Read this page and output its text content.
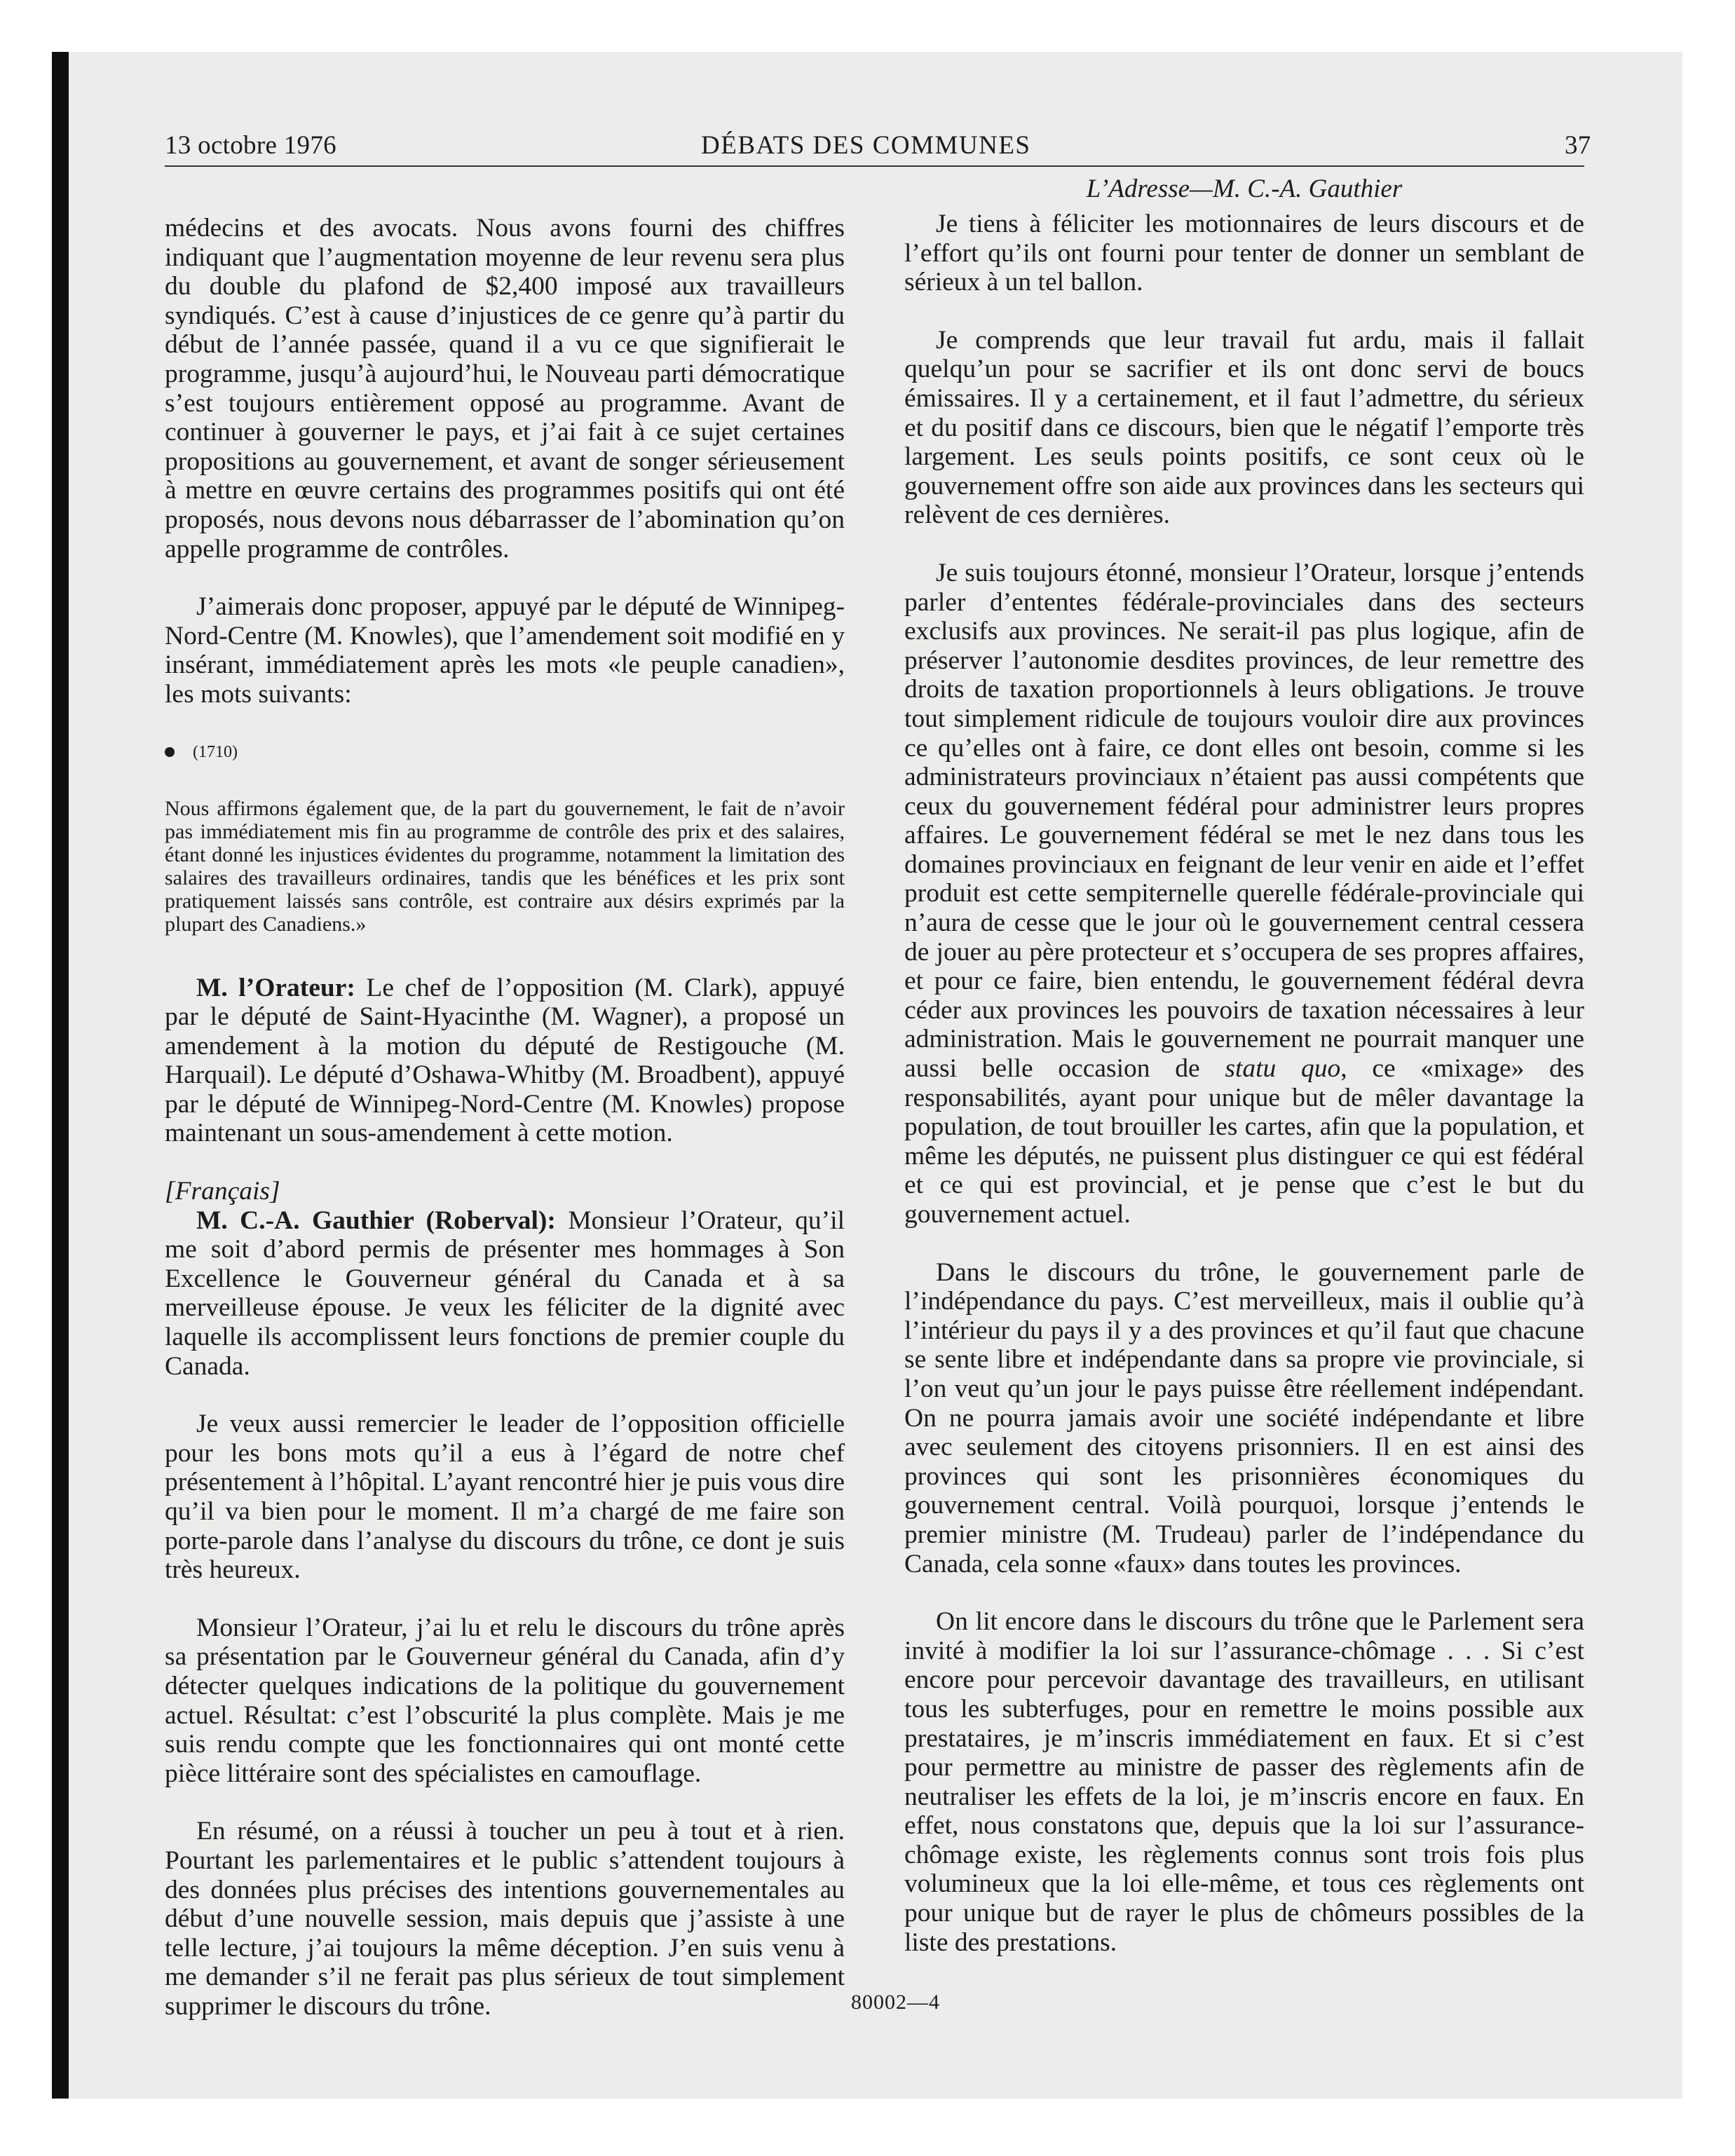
13 octobre 1976	DÉBATS DES COMMUNES	37

médecins et des avocats. Nous avons fourni des chiffres indiquant que l’augmentation moyenne de leur revenu sera plus du double du plafond de $2,400 imposé aux travailleurs syndiqués. C’est à cause d’injustices de ce genre qu’à partir du début de l’année passée, quand il a vu ce que signifierait le programme, jusqu’à aujourd’hui, le Nouveau parti démocratique s’est toujours entièrement opposé au programme. Avant de continuer à gouverner le pays, et j’ai fait à ce sujet certaines propositions au gouvernement, et avant de songer sérieusement à mettre en œuvre certains des programmes positifs qui ont été proposés, nous devons nous débarrasser de l’abomination qu’on appelle programme de contrôles.

J’aimerais donc proposer, appuyé par le député de Winnipeg-Nord-Centre (M. Knowles), que l’amendement soit modifié en y insérant, immédiatement après les mots «le peuple canadien», les mots suivants:

(1710)

Nous affirmons également que, de la part du gouvernement, le fait de n’avoir pas immédiatement mis fin au programme de contrôle des prix et des salaires, étant donné les injustices évidentes du programme, notamment la limitation des salaires des travailleurs ordinaires, tandis que les bénéfices et les prix sont pratiquement laissés sans contrôle, est contraire aux désirs exprimés par la plupart des Canadiens.»

M. l’Orateur: Le chef de l’opposition (M. Clark), appuyé par le député de Saint-Hyacinthe (M. Wagner), a proposé un amendement à la motion du député de Restigouche (M. Harquail). Le député d’Oshawa-Whitby (M. Broadbent), appuyé par le député de Winnipeg-Nord-Centre (M. Knowles) propose maintenant un sous-amendement à cette motion.

[Français]

M. C.-A. Gauthier (Roberval): Monsieur l’Orateur, qu’il me soit d’abord permis de présenter mes hommages à Son Excellence le Gouverneur général du Canada et à sa merveilleuse épouse. Je veux les féliciter de la dignité avec laquelle ils accomplissent leurs fonctions de premier couple du Canada.

Je veux aussi remercier le leader de l’opposition officielle pour les bons mots qu’il a eus à l’égard de notre chef présentement à l’hôpital. L’ayant rencontré hier je puis vous dire qu’il va bien pour le moment. Il m’a chargé de me faire son porte-parole dans l’analyse du discours du trône, ce dont je suis très heureux.

Monsieur l’Orateur, j’ai lu et relu le discours du trône après sa présentation par le Gouverneur général du Canada, afin d’y détecter quelques indications de la politique du gouvernement actuel. Résultat: c’est l’obscurité la plus complète. Mais je me suis rendu compte que les fonctionnaires qui ont monté cette pièce littéraire sont des spécialistes en camouflage.

En résumé, on a réussi à toucher un peu à tout et à rien. Pourtant les parlementaires et le public s’attendent toujours à des données plus précises des intentions gouvernementales au début d’une nouvelle session, mais depuis que j’assiste à une telle lecture, j’ai toujours la même déception. J’en suis venu à me demander s’il ne ferait pas plus sérieux de tout simplement supprimer le discours du trône.

L’Adresse—M. C.-A. Gauthier

Je tiens à féliciter les motionnaires de leurs discours et de l’effort qu’ils ont fourni pour tenter de donner un semblant de sérieux à un tel ballon.

Je comprends que leur travail fut ardu, mais il fallait quelqu’un pour se sacrifier et ils ont donc servi de boucs émissaires. Il y a certainement, et il faut l’admettre, du sérieux et du positif dans ce discours, bien que le négatif l’emporte très largement. Les seuls points positifs, ce sont ceux où le gouvernement offre son aide aux provinces dans les secteurs qui relèvent de ces dernières.

Je suis toujours étonné, monsieur l’Orateur, lorsque j’entends parler d’ententes fédérale-provinciales dans des secteurs exclusifs aux provinces. Ne serait-il pas plus logique, afin de préserver l’autonomie desdites provinces, de leur remettre des droits de taxation proportionnels à leurs obligations. Je trouve tout simplement ridicule de toujours vouloir dire aux provinces ce qu’elles ont à faire, ce dont elles ont besoin, comme si les administrateurs provinciaux n’étaient pas aussi compétents que ceux du gouvernement fédéral pour administrer leurs propres affaires. Le gouvernement fédéral se met le nez dans tous les domaines provinciaux en feignant de leur venir en aide et l’effet produit est cette sempiternelle querelle fédérale-provinciale qui n’aura de cesse que le jour où le gouvernement central cessera de jouer au père protecteur et s’occupera de ses propres affaires, et pour ce faire, bien entendu, le gouvernement fédéral devra céder aux provinces les pouvoirs de taxation nécessaires à leur administration. Mais le gouvernement ne pourrait manquer une aussi belle occasion de statu quo, ce «mixage» des responsabilités, ayant pour unique but de mêler davantage la population, de tout brouiller les cartes, afin que la population, et même les députés, ne puissent plus distinguer ce qui est fédéral et ce qui est provincial, et je pense que c’est le but du gouvernement actuel.

Dans le discours du trône, le gouvernement parle de l’indépendance du pays. C’est merveilleux, mais il oublie qu’à l’intérieur du pays il y a des provinces et qu’il faut que chacune se sente libre et indépendante dans sa propre vie provinciale, si l’on veut qu’un jour le pays puisse être réellement indépendant. On ne pourra jamais avoir une société indépendante et libre avec seulement des citoyens prisonniers. Il en est ainsi des provinces qui sont les prisonnières économiques du gouvernement central. Voilà pourquoi, lorsque j’entends le premier ministre (M. Trudeau) parler de l’indépendance du Canada, cela sonne «faux» dans toutes les provinces.

On lit encore dans le discours du trône que le Parlement sera invité à modifier la loi sur l’assurance-chômage . . . Si c’est encore pour percevoir davantage des travailleurs, en utilisant tous les subterfuges, pour en remettre le moins possible aux prestataires, je m’inscris immédiatement en faux. Et si c’est pour permettre au ministre de passer des règlements afin de neutraliser les effets de la loi, je m’inscris encore en faux. En effet, nous constatons que, depuis que la loi sur l’assurance-chômage existe, les règlements connus sont trois fois plus volumineux que la loi elle-même, et tous ces règlements ont pour unique but de rayer le plus de chômeurs possibles de la liste des prestations.

80002—4
